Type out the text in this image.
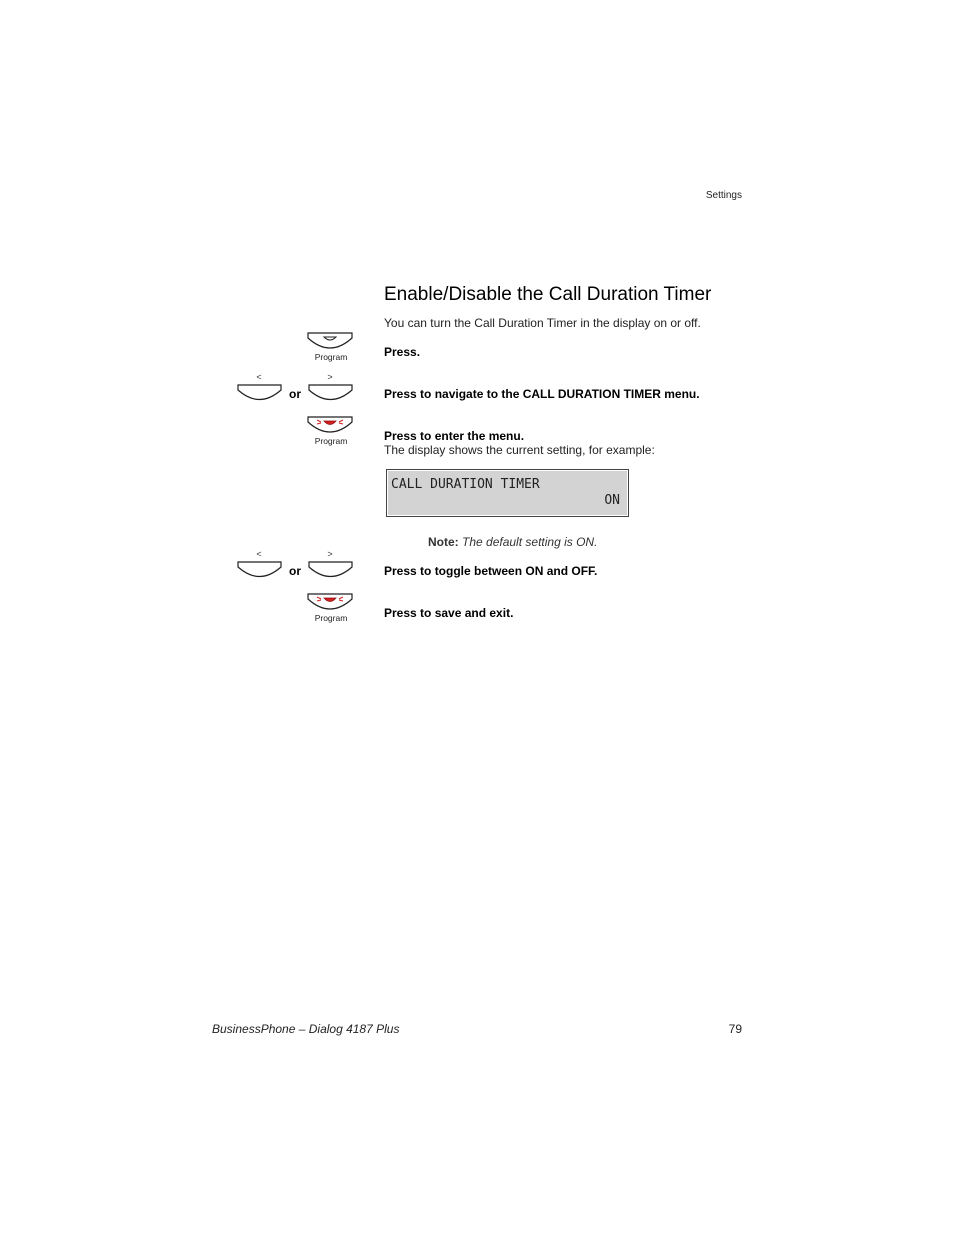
Settings
Enable/Disable the Call Duration Timer
You can turn the Call Duration Timer in the display on or off.
Program	Press.
<
or
>
Press to navigate to the CALL DURATION TIMER menu.
Program	Press to enter the menu.
The display shows the current setting, for example:
CALL DURATION TIMER
ON
Note: The default setting is ON.
<
or
>
Press to toggle between ON and OFF.
Program	Press to save and exit.
BusinessPhone – Dialog 4187 Plus	79
